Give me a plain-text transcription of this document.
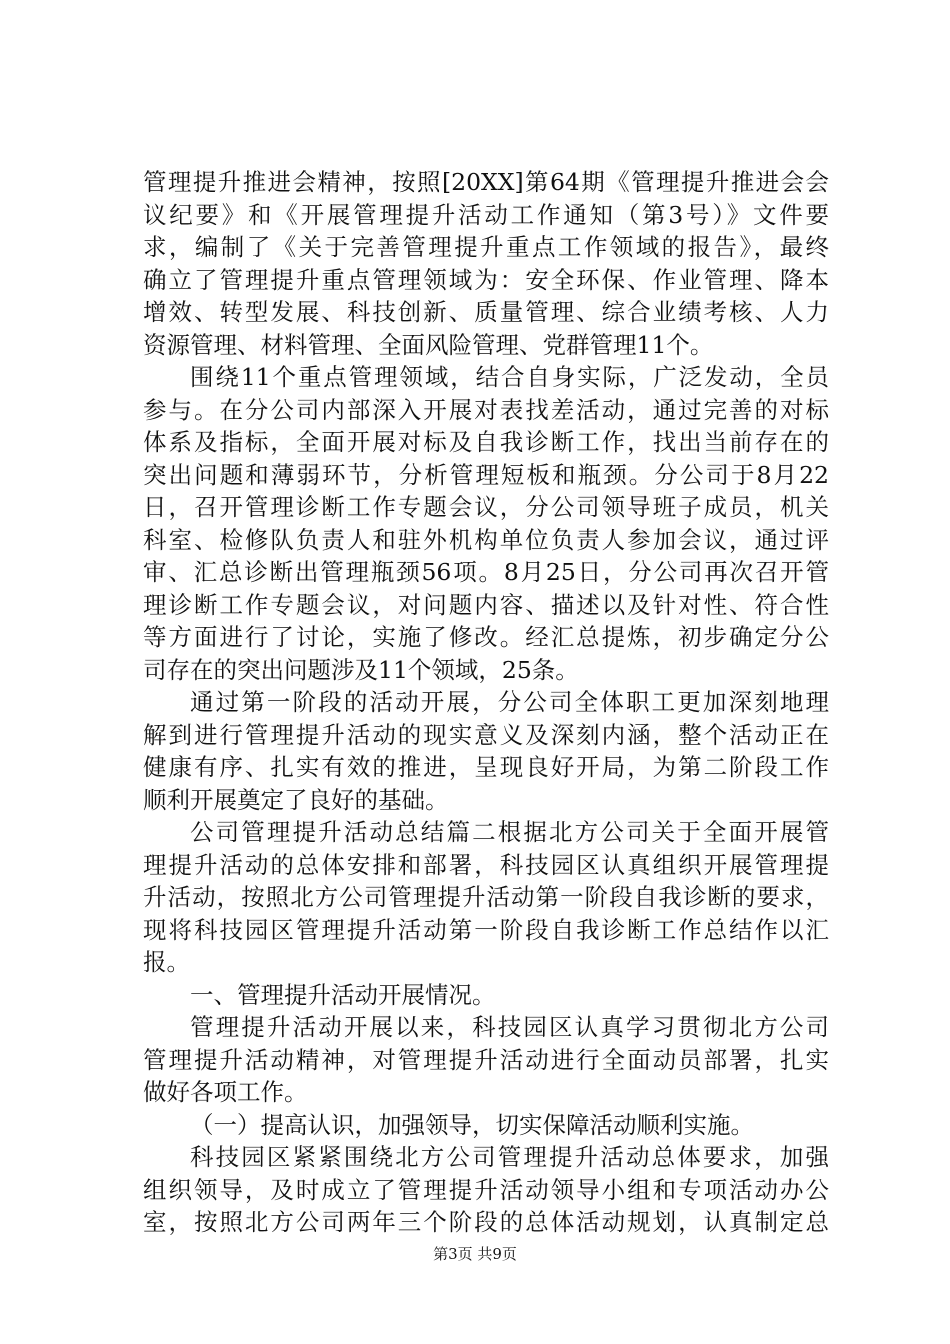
管理提升推进会精神，按照[20XX]第64期《管理提升推进会会
议纪要》和《开展管理提升活动工作通知（第3号）》文件要
求，编制了《关于完善管理提升重点工作领域的报告》，最终
确立了管理提升重点管理领域为：安全环保、作业管理、降本
增效、转型发展、科技创新、质量管理、综合业绩考核、人力
资源管理、材料管理、全面风险管理、党群管理11个。
围绕11个重点管理领域，结合自身实际，广泛发动，全员
参与。在分公司内部深入开展对表找差活动，通过完善的对标
体系及指标，全面开展对标及自我诊断工作，找出当前存在的
突出问题和薄弱环节，分析管理短板和瓶颈。分公司于8月22
日，召开管理诊断工作专题会议，分公司领导班子成员，机关
科室、检修队负责人和驻外机构单位负责人参加会议，通过评
审、汇总诊断出管理瓶颈56项。8月25日，分公司再次召开管
理诊断工作专题会议，对问题内容、描述以及针对性、符合性
等方面进行了讨论，实施了修改。经汇总提炼，初步确定分公
司存在的突出问题涉及11个领域，25条。
通过第一阶段的活动开展，分公司全体职工更加深刻地理
解到进行管理提升活动的现实意义及深刻内涵，整个活动正在
健康有序、扎实有效的推进，呈现良好开局，为第二阶段工作
顺利开展奠定了良好的基础。
公司管理提升活动总结篇二根据北方公司关于全面开展管
理提升活动的总体安排和部署，科技园区认真组织开展管理提
升活动，按照北方公司管理提升活动第一阶段自我诊断的要求，
现将科技园区管理提升活动第一阶段自我诊断工作总结作以汇
报。
一、管理提升活动开展情况。
管理提升活动开展以来，科技园区认真学习贯彻北方公司
管理提升活动精神，对管理提升活动进行全面动员部署，扎实
做好各项工作。
（一）提高认识，加强领导，切实保障活动顺利实施。
科技园区紧紧围绕北方公司管理提升活动总体要求，加强
组织领导，及时成立了管理提升活动领导小组和专项活动办公
室，按照北方公司两年三个阶段的总体活动规划，认真制定总
第3页 共9页
